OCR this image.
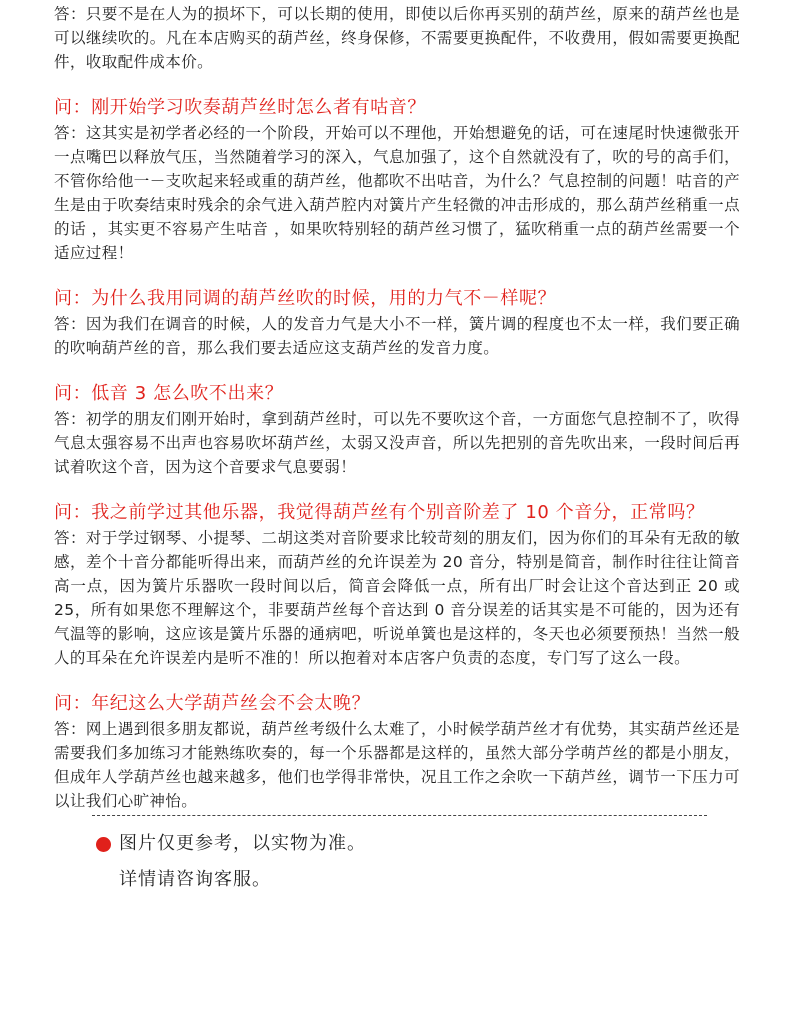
答：只要不是在人为的损坏下，可以长期的使用，即使以后你再买别的葫芦丝，原来的葫芦丝也是可以继续吹的。凡在本店购买的葫芦丝，终身保修，不需要更换配件，不收费用，假如需要更换配件，收取配件成本价。
问：刚开始学习吹奏葫芦丝时怎么者有咕音？
答：这其实是初学者必经的一个阶段，开始可以不理他，开始想避免的话，可在速尾时快速微张开一点嘴巴以释放气压，当然随着学习的深入，气息加强了，这个自然就没有了，吹的号的高手们，不管你给他一－支吹起来轻或重的葫芦丝，他都吹不出咕音，为什么？气息控制的问题！咕音的产生是由于吹奏结束时残余的余气进入葫芦腔内对簧片产生轻微的冲击形成的，那么葫芦丝稍重一点的话 ，其实更不容易产生咕音 ，如果吹特别轻的葫芦丝习惯了，猛吹稍重一点的葫芦丝需要一个适应过程！
问：为什么我用同调的葫芦丝吹的时候，用的力气不－样呢？
答：因为我们在调音的时候，人的发音力气是大小不一样，簧片调的程度也不太一样，我们要正确的吹响葫芦丝的音，那么我们要去适应这支葫芦丝的发音力度。
问：低音 3 怎么吹不出来？
答：初学的朋友们刚开始时，拿到葫芦丝时，可以先不要吹这个音，一方面您气息控制不了，吹得气息太强容易不出声也容易吹坏葫芦丝，太弱又没声音，所以先把别的音先吹出来，一段时间后再试着吹这个音，因为这个音要求气息要弱！
问：我之前学过其他乐器，我觉得葫芦丝有个别音阶差了 10 个音分，正常吗？
答：对于学过钢琴、小提琴、二胡这类对音阶要求比较苛刻的朋友们，因为你们的耳朵有无敌的敏感，差个十音分都能听得出来，而葫芦丝的允许误差为 20 音分，特别是简音，制作时往往让简音高一点，因为簧片乐器吹一段时间以后，简音会降低一点，所有出厂时会让这个音达到正 20 或 25，所有如果您不理解这个，非要葫芦丝每个音达到 0 音分误差的话其实是不可能的，因为还有气温等的影响，这应该是簧片乐器的通病吧，听说单簧也是这样的，冬天也必须要预热！当然一般人的耳朵在允许误差内是听不准的！所以抱着对本店客户负责的态度，专门写了这么一段。
问：年纪这么大学葫芦丝会不会太晚？
答：网上遇到很多朋友都说，葫芦丝考级什么太难了，小时候学葫芦丝才有优势，其实葫芦丝还是需要我们多加练习才能熟练吹奏的，每一个乐器都是这样的，虽然大部分学萌芦丝的都是小朋友，但成年人学葫芦丝也越来越多，他们也学得非常快，况且工作之余吹一下葫芦丝，调节一下压力可以让我们心旷神怡。
图片仅更参考，以实物为准。
详情请咨询客服。
